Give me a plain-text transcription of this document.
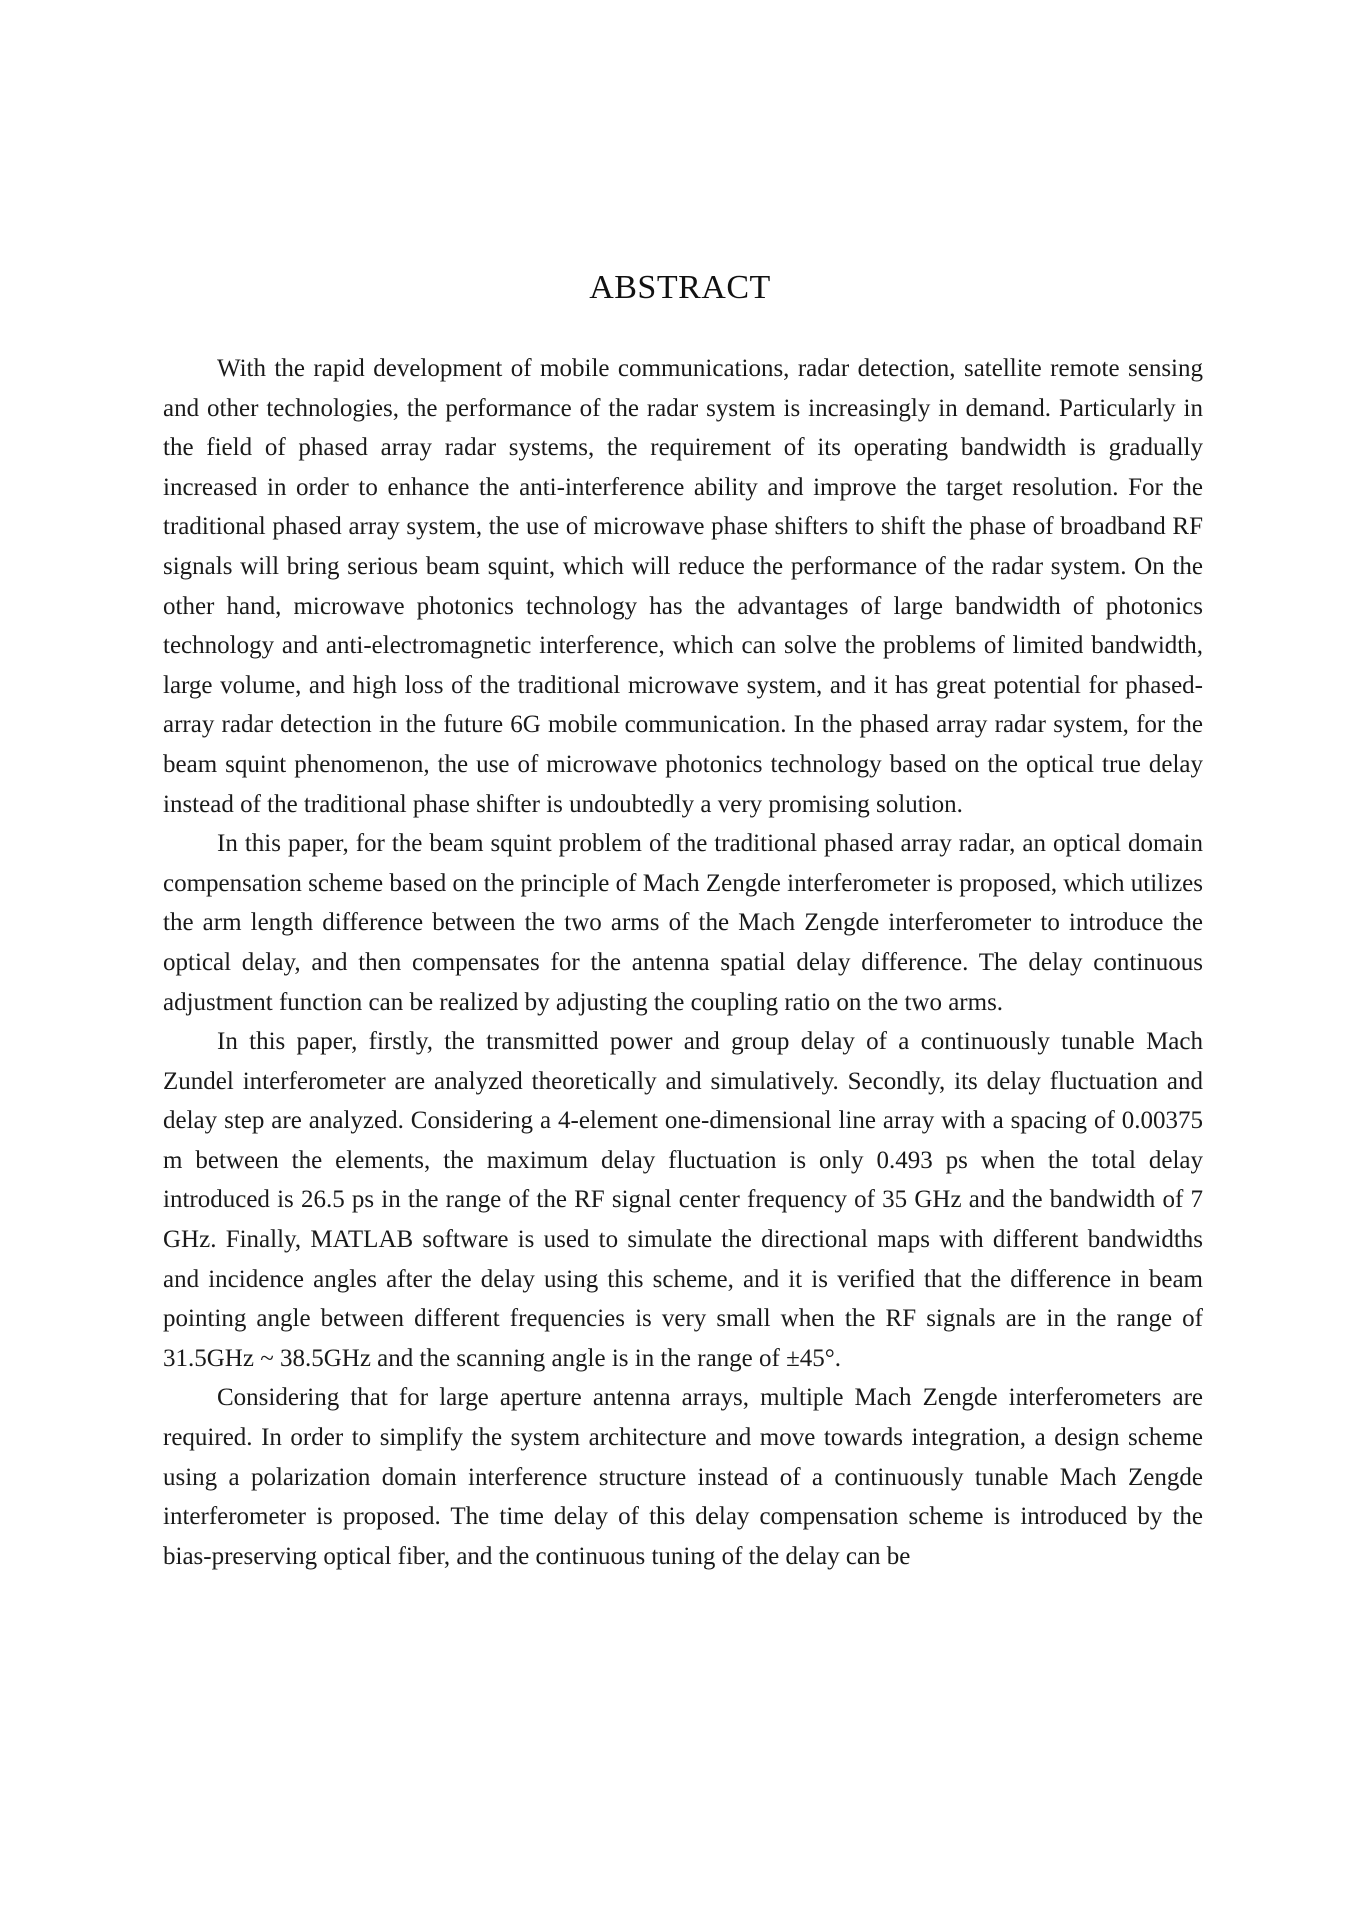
ABSTRACT

With the rapid development of mobile communications, radar detection, satellite remote sensing and other technologies, the performance of the radar system is increasingly in demand. Particularly in the field of phased array radar systems, the requirement of its operating bandwidth is gradually increased in order to enhance the anti-interference ability and improve the target resolution. For the traditional phased array system, the use of microwave phase shifters to shift the phase of broadband RF signals will bring serious beam squint, which will reduce the performance of the radar system. On the other hand, microwave photonics technology has the advantages of large bandwidth of photonics technology and anti-electromagnetic interference, which can solve the problems of limited bandwidth, large volume, and high loss of the traditional microwave system, and it has great potential for phased-array radar detection in the future 6G mobile communication. In the phased array radar system, for the beam squint phenomenon, the use of microwave photonics technology based on the optical true delay instead of the traditional phase shifter is undoubtedly a very promising solution.

In this paper, for the beam squint problem of the traditional phased array radar, an optical domain compensation scheme based on the principle of Mach Zengde interferometer is proposed, which utilizes the arm length difference between the two arms of the Mach Zengde interferometer to introduce the optical delay, and then compensates for the antenna spatial delay difference. The delay continuous adjustment function can be realized by adjusting the coupling ratio on the two arms.

In this paper, firstly, the transmitted power and group delay of a continuously tunable Mach Zundel interferometer are analyzed theoretically and simulatively. Secondly, its delay fluctuation and delay step are analyzed. Considering a 4-element one-dimensional line array with a spacing of 0.00375 m between the elements, the maximum delay fluctuation is only 0.493 ps when the total delay introduced is 26.5 ps in the range of the RF signal center frequency of 35 GHz and the bandwidth of 7 GHz. Finally, MATLAB software is used to simulate the directional maps with different bandwidths and incidence angles after the delay using this scheme, and it is verified that the difference in beam pointing angle between different frequencies is very small when the RF signals are in the range of 31.5GHz ~ 38.5GHz and the scanning angle is in the range of ±45°.

Considering that for large aperture antenna arrays, multiple Mach Zengde interferometers are required. In order to simplify the system architecture and move towards integration, a design scheme using a polarization domain interference structure instead of a continuously tunable Mach Zengde interferometer is proposed. The time delay of this delay compensation scheme is introduced by the bias-preserving optical fiber, and the continuous tuning of the delay can be
